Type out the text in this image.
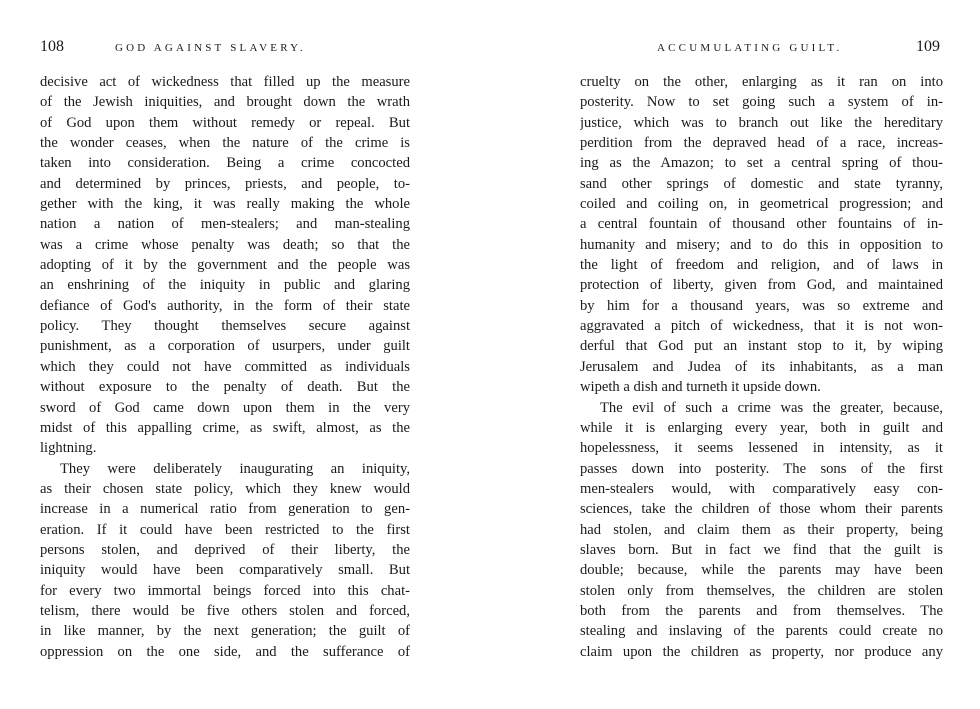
108	GOD AGAINST SLAVERY.
decisive act of wickedness that filled up the measure
of the Jewish iniquities, and brought down the wrath
of God upon them without remedy or repeal. But
the wonder ceases, when the nature of the crime is
taken into consideration. Being a crime concocted
and determined by princes, priests, and people, to-
gether with the king, it was really making the whole
nation a nation of men-stealers; and man-stealing
was a crime whose penalty was death; so that the
adopting of it by the government and the people was
an enshrining of the iniquity in public and glaring
defiance of God's authority, in the form of their state
policy. They thought themselves secure against
punishment, as a corporation of usurpers, under guilt
which they could not have committed as individuals
without exposure to the penalty of death. But the
sword of God came down upon them in the very
midst of this appalling crime, as swift, almost, as the
lightning.
They were deliberately inaugurating an iniquity,
as their chosen state policy, which they knew would
increase in a numerical ratio from generation to gen-
eration. If it could have been restricted to the first
persons stolen, and deprived of their liberty, the
iniquity would have been comparatively small. But
for every two immortal beings forced into this chat-
telism, there would be five others stolen and forced,
in like manner, by the next generation; the guilt of
oppression on the one side, and the sufferance of
ACCUMULATING GUILT.	109
cruelty on the other, enlarging as it ran on into
posterity. Now to set going such a system of in-
justice, which was to branch out like the hereditary
perdition from the depraved head of a race, increas-
ing as the Amazon; to set a central spring of thou-
sand other springs of domestic and state tyranny,
coiled and coiling on, in geometrical progression; and
a central fountain of thousand other fountains of in-
humanity and misery; and to do this in opposition to
the light of freedom and religion, and of laws in
protection of liberty, given from God, and maintained
by him for a thousand years, was so extreme and
aggravated a pitch of wickedness, that it is not won-
derful that God put an instant stop to it, by wiping
Jerusalem and Judea of its inhabitants, as a man
wipeth a dish and turneth it upside down.
The evil of such a crime was the greater, because,
while it is enlarging every year, both in guilt and
hopelessness, it seems lessened in intensity, as it
passes down into posterity. The sons of the first
men-stealers would, with comparatively easy con-
sciences, take the children of those whom their parents
had stolen, and claim them as their property, being
slaves born. But in fact we find that the guilt is
double; because, while the parents may have been
stolen only from themselves, the children are stolen
both from the parents and from themselves. The
stealing and inslaving of the parents could create no
claim upon the children as property, nor produce any
